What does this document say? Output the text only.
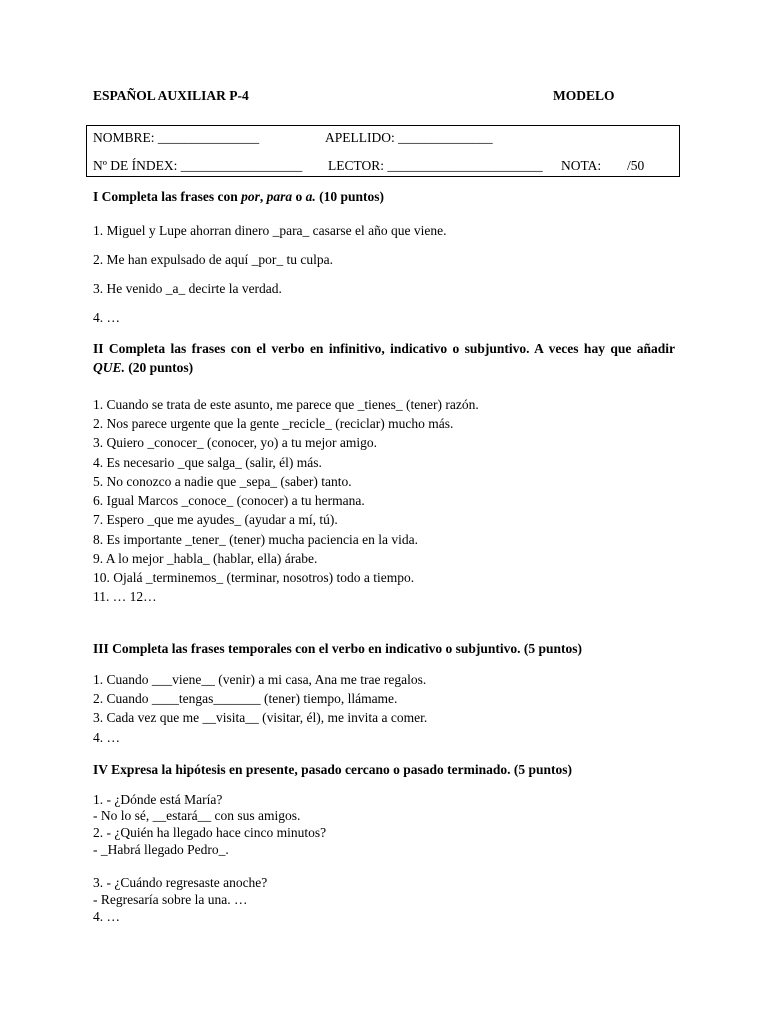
ESPAÑOL AUXILIAR P-4	MODELO
NOMBRE: _______________	APELLIDO: ______________
Nº DE ÍNDEX: __________________ LECTOR: _______________________ NOTA: /50
I Completa las frases con por, para o a. (10 puntos)
1. Miguel y Lupe ahorran dinero _para_ casarse el año que viene.
2. Me han expulsado de aquí _por_ tu culpa.
3. He venido _a_ decirte la verdad.
4. …
II Completa las frases con el verbo en infinitivo, indicativo o subjuntivo. A veces hay que añadir QUE. (20 puntos)
1. Cuando se trata de este asunto, me parece que _tienes_ (tener) razón.
2. Nos parece urgente que la gente _recicle_ (reciclar) mucho más.
3. Quiero _conocer_ (conocer, yo) a tu mejor amigo.
4. Es necesario _que salga_ (salir, él) más.
5. No conozco a nadie que _sepa_ (saber) tanto.
6. Igual Marcos _conoce_ (conocer) a tu hermana.
7. Espero _que me ayudes_ (ayudar a mí, tú).
8. Es importante _tener_ (tener) mucha paciencia en la vida.
9. A lo mejor _habla_ (hablar, ella) árabe.
10. Ojalá _terminemos_ (terminar, nosotros) todo a tiempo.
11. … 12…
III Completa las frases temporales con el verbo en indicativo o subjuntivo. (5 puntos)
1. Cuando ___viene__ (venir) a mi casa, Ana me trae regalos.
2. Cuando ____tengas_______ (tener) tiempo, llámame.
3. Cada vez que me __visita__ (visitar, él), me invita a comer.
4. …
IV Expresa la hipótesis en presente, pasado cercano o pasado terminado. (5 puntos)
1. - ¿Dónde está María?
- No lo sé, __estará__ con sus amigos.
2. - ¿Quién ha llegado hace cinco minutos?
- _Habrá llegado Pedro_.
3. - ¿Cuándo regresaste anoche?
- Regresaría sobre la una. …
4. …
